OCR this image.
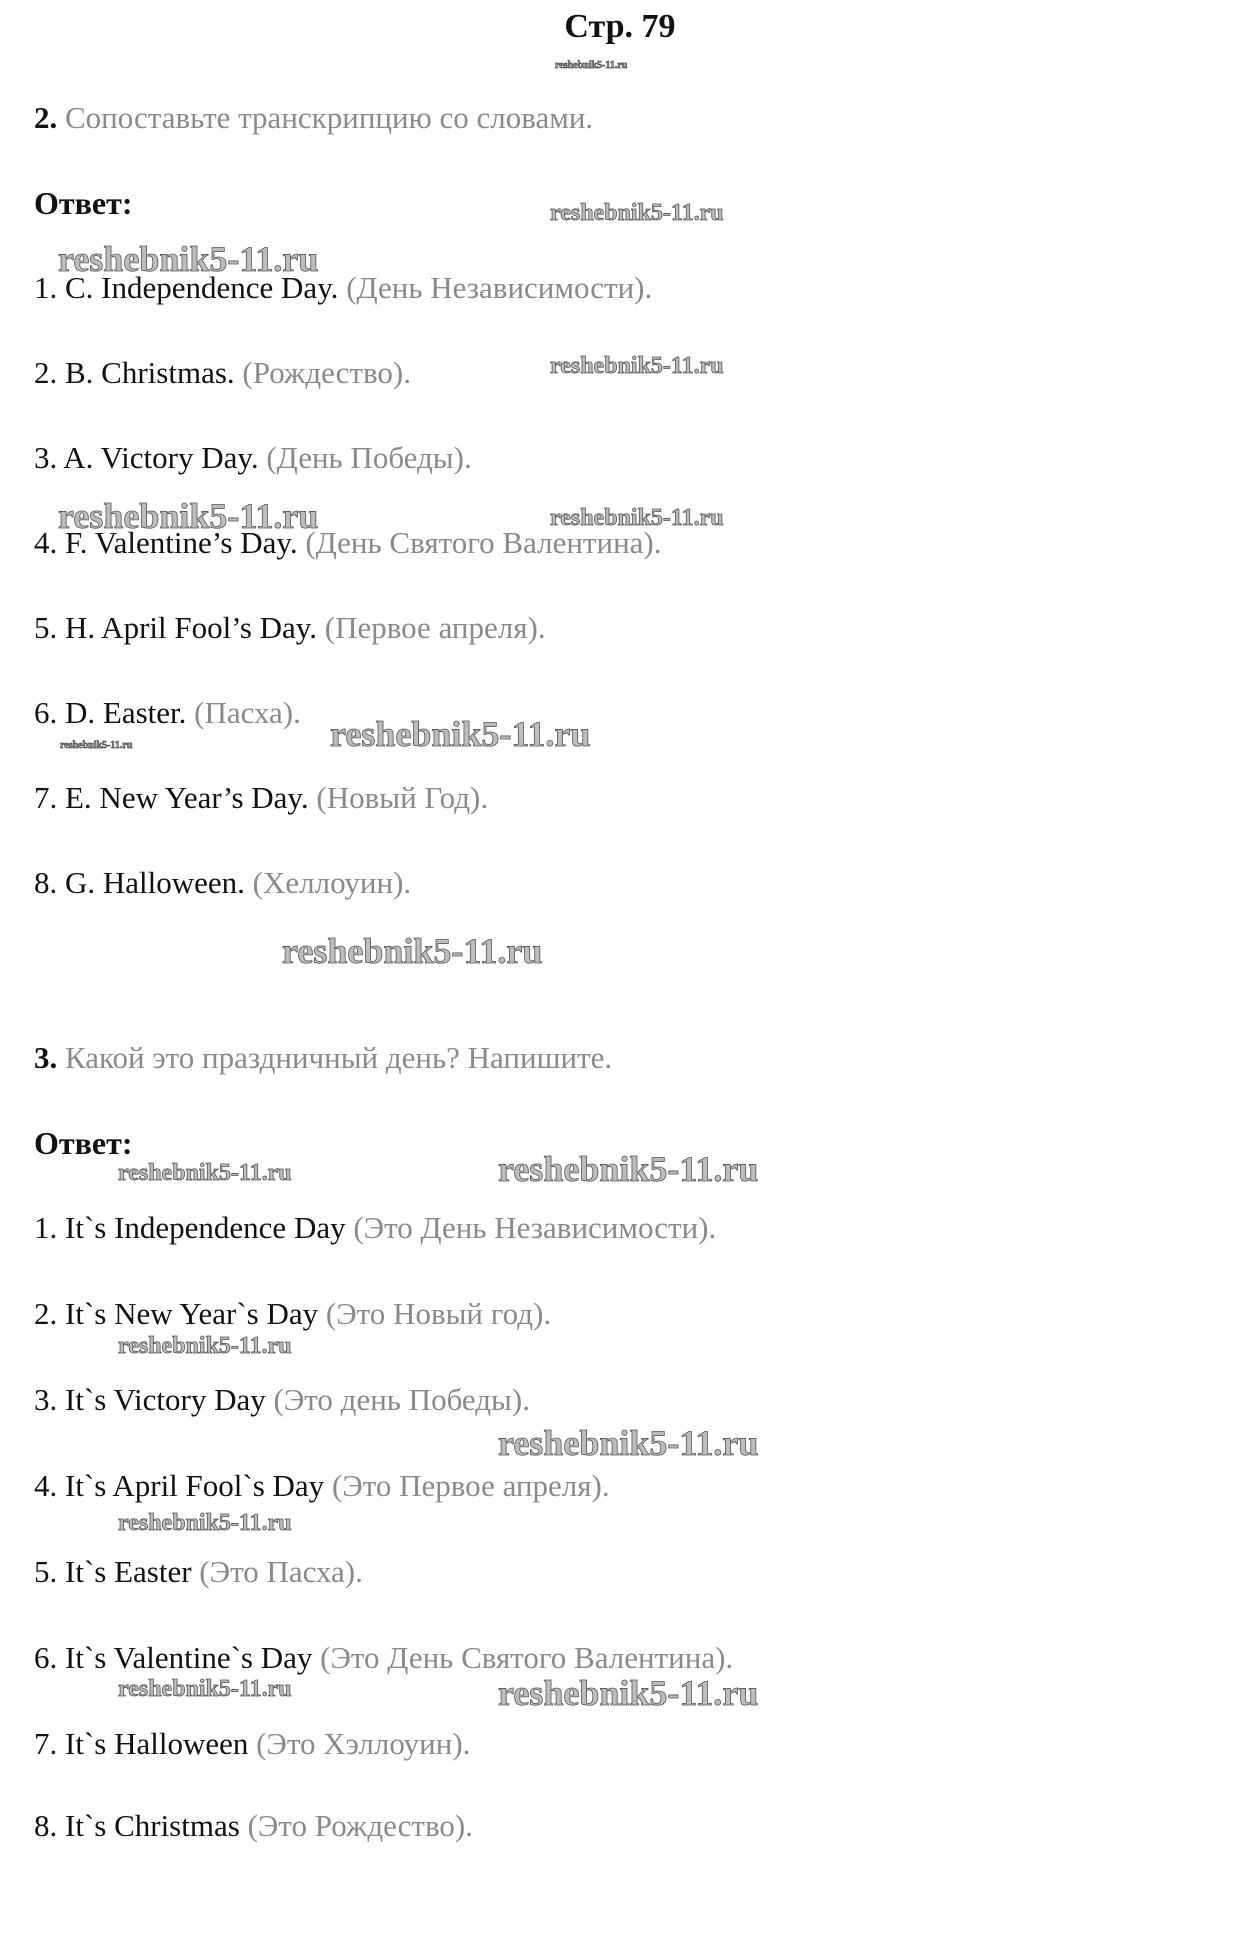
Стр. 79
2. Сопоставьте транскрипцию со словами.
Ответ:
1. C. Independence Day. (День Независимости).
2. B. Christmas. (Рождество).
3. A. Victory Day. (День Победы).
4. F. Valentine’s Day. (День Святого Валентина).
5. H. April Fool’s Day. (Первое апреля).
6. D. Easter. (Пасха).
7. E. New Year’s Day. (Новый Год).
8. G. Halloween. (Хеллоуин).
3. Какой это праздничный день? Напишите.
Ответ:
1. It`s Independence Day (Это День Независимости).
2. It`s New Year`s Day (Это Новый год).
3. It`s Victory Day (Это день Победы).
4. It`s April Fool`s Day (Это Первое апреля).
5. It`s Easter (Это Пасха).
6. It`s Valentine`s Day (Это День Святого Валентина).
7. It`s Halloween (Это Хэллоуин).
8. It`s Christmas (Это Рождество).
reshebnik5-11.ru
reshebnik5-11.ru
reshebnik5-11.ru
reshebnik5-11.ru
reshebnik5-11.ru	reshebnik5-11.ru
reshebnik5-11.ru
reshebnik5-11.ru
reshebnik5-11.ru
reshebnik5-11.ru
reshebnik5-11.ru
reshebnik5-11.ru
reshebnik5-11.ru
reshebnik5-11.ru
reshebnik5-11.ru	reshebnik5-11.ru
